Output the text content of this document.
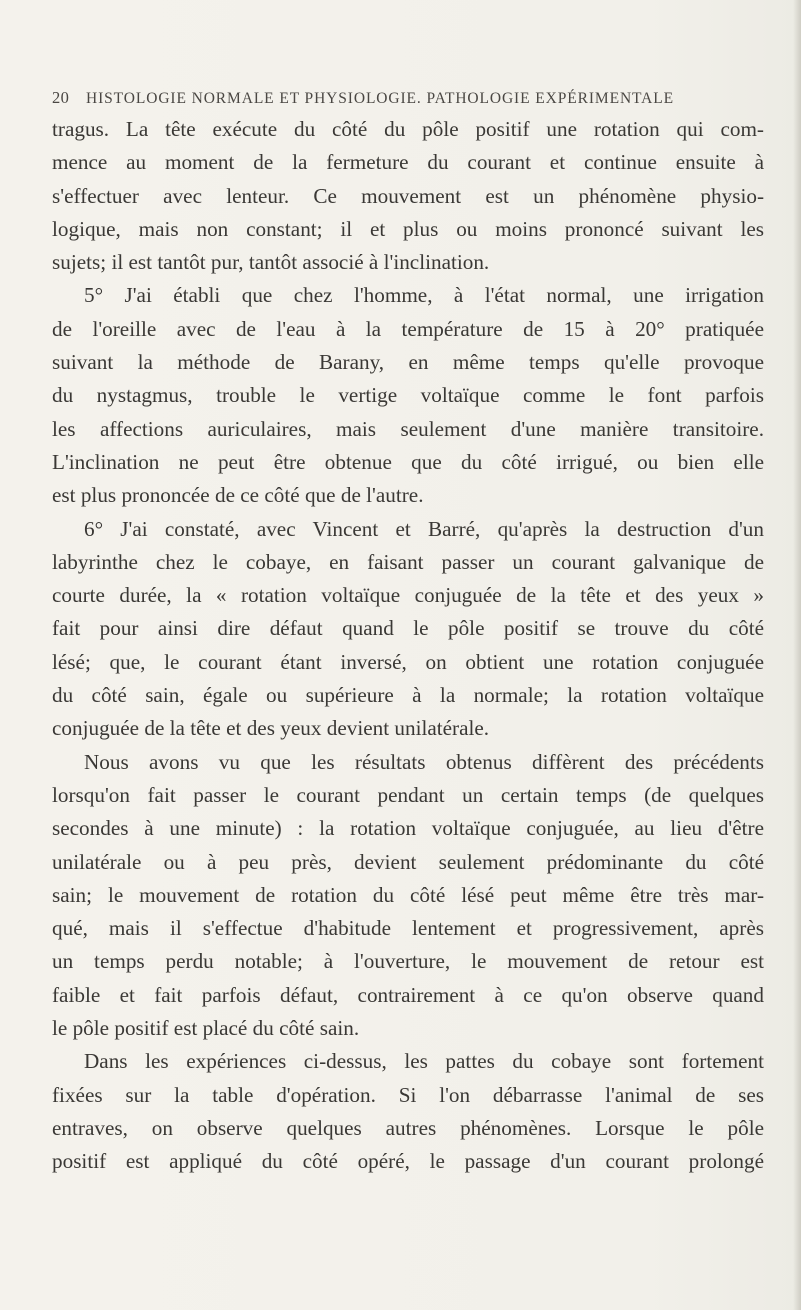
20 HISTOLOGIE NORMALE ET PHYSIOLOGIE. PATHOLOGIE EXPÉRIMENTALE
tragus. La tête exécute du côté du pôle positif une rotation qui com-
mence au moment de la fermeture du courant et continue ensuite à
s'effectuer avec lenteur. Ce mouvement est un phénomène physio-
logique, mais non constant; il et plus ou moins prononcé suivant les
sujets; il est tantôt pur, tantôt associé à l'inclination.
5° J'ai établi que chez l'homme, à l'état normal, une irrigation
de l'oreille avec de l'eau à la température de 15 à 20° pratiquée
suivant la méthode de Barany, en même temps qu'elle provoque
du nystagmus, trouble le vertige voltaïque comme le font parfois
les affections auriculaires, mais seulement d'une manière transitoire.
L'inclination ne peut être obtenue que du côté irrigué, ou bien elle
est plus prononcée de ce côté que de l'autre.
6° J'ai constaté, avec Vincent et Barré, qu'après la destruction d'un
labyrinthe chez le cobaye, en faisant passer un courant galvanique de
courte durée, la « rotation voltaïque conjuguée de la tête et des yeux »
fait pour ainsi dire défaut quand le pôle positif se trouve du côté
lésé; que, le courant étant inversé, on obtient une rotation conjuguée
du côté sain, égale ou supérieure à la normale; la rotation voltaïque
conjuguée de la tête et des yeux devient unilatérale.
Nous avons vu que les résultats obtenus diffèrent des précédents
lorsqu'on fait passer le courant pendant un certain temps (de quelques
secondes à une minute) : la rotation voltaïque conjuguée, au lieu d'être
unilatérale ou à peu près, devient seulement prédominante du côté
sain; le mouvement de rotation du côté lésé peut même être très mar-
qué, mais il s'effectue d'habitude lentement et progressivement, après
un temps perdu notable; à l'ouverture, le mouvement de retour est
faible et fait parfois défaut, contrairement à ce qu'on observe quand
le pôle positif est placé du côté sain.
Dans les expériences ci-dessus, les pattes du cobaye sont fortement
fixées sur la table d'opération. Si l'on débarrasse l'animal de ses
entraves, on observe quelques autres phénomènes. Lorsque le pôle
positif est appliqué du côté opéré, le passage d'un courant prolongé
